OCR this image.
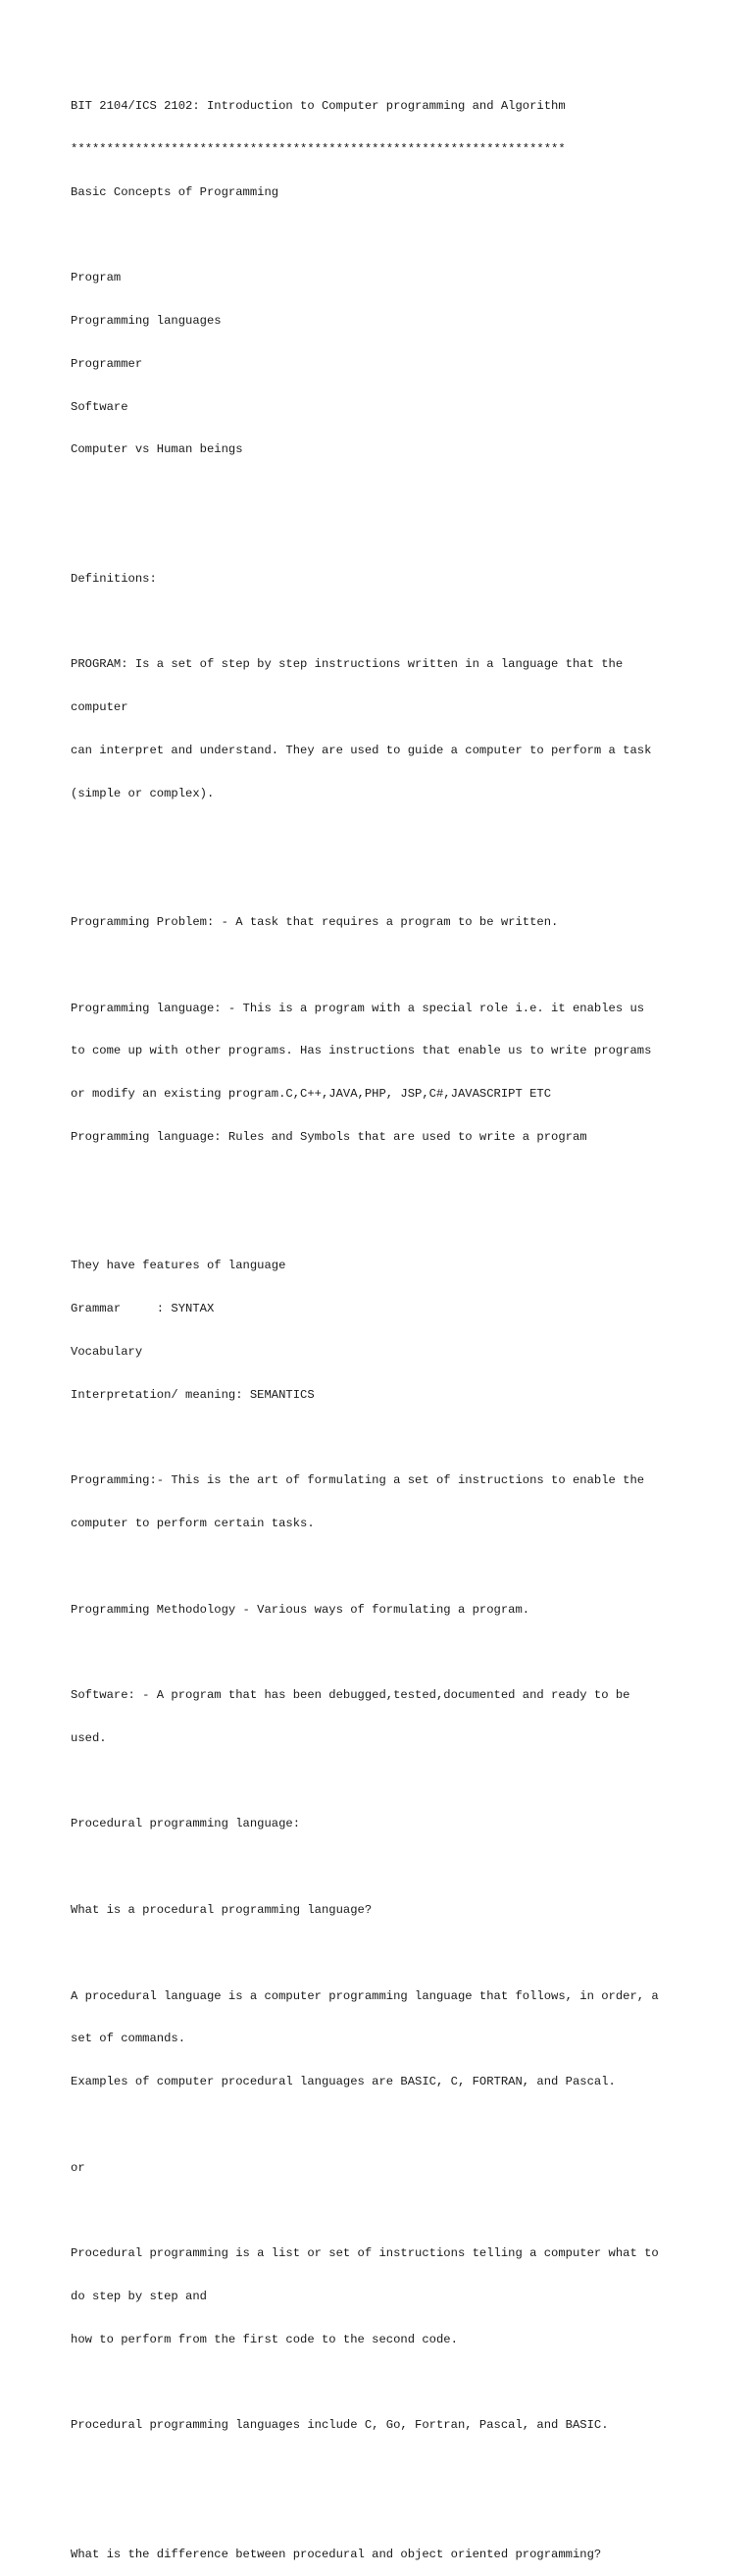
BIT 2104/ICS 2102: Introduction to Computer programming and Algorithm

*********************************************************************

Basic Concepts of Programming

Program

Programming languages

Programmer

Software

Computer vs Human beings

Definitions:

PROGRAM: Is a set of step by step instructions written in a language that the

computer

can interpret and understand. They are used to guide a computer to perform a task

(simple or complex).

Programming Problem: - A task that requires a program to be written.

Programming language: - This is a program with a special role i.e. it enables us

to come up with other programs. Has instructions that enable us to write programs

or modify an existing program.C,C++,JAVA,PHP, JSP,C#,JAVASCRIPT ETC

Programming language: Rules and Symbols that are used to write a program

They have features of language

Grammar     : SYNTAX

Vocabulary

Interpretation/ meaning: SEMANTICS

Programming:- This is the art of formulating a set of instructions to enable the

computer to perform certain tasks.

Programming Methodology - Various ways of formulating a program.

Software: - A program that has been debugged,tested,documented and ready to be

used.

Procedural programming language:

What is a procedural programming language?

A procedural language is a computer programming language that follows, in order, a

set of commands.

Examples of computer procedural languages are BASIC, C, FORTRAN, and Pascal.

or

Procedural programming is a list or set of instructions telling a computer what to

do step by step and

how to perform from the first code to the second code.

Procedural programming languages include C, Go, Fortran, Pascal, and BASIC.

What is the difference between procedural and object oriented programming?
